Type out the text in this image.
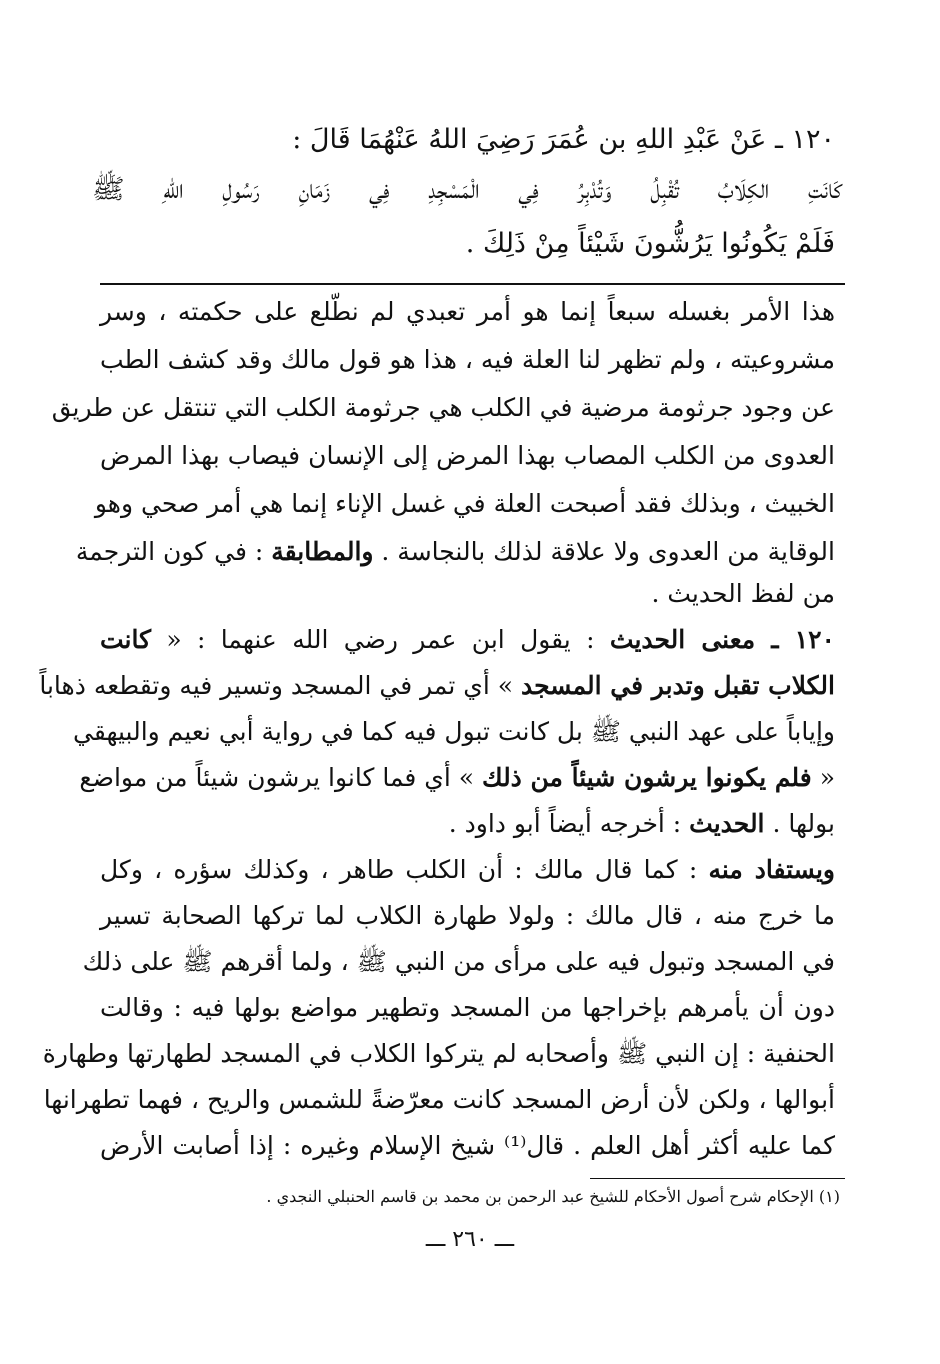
١٢٠ ـ عَنْ عَبْدِ اللهِ بن عُمَرَ رَضِيَ اللهُ عَنْهُمَا قَالَ :
كَانَتِ الكِلَابُ تُقْبِلُ وَتُدْبِرُ فِي الْمَسْجِدِ فِي زَمَانِ رَسُولِ اللهِ ﷺ
فَلَمْ يَكُونُوا يَرُشُّونَ شَيْئاً مِنْ ذَلِكَ .
هذا الأمر بغسله سبعاً إنما هو أمر تعبدي لم نطّلع على حكمته ، وسر
مشروعيته ، ولم تظهر لنا العلة فيه ، هذا هو قول مالك وقد كشف الطب
عن وجود جرثومة مرضية في الكلب هي جرثومة الكلب التي تنتقل عن طريق
العدوى من الكلب المصاب بهذا المرض إلى الإنسان فيصاب بهذا المرض
الخبيث ، وبذلك فقد أصبحت العلة في غسل الإناء إنما هي أمر صحي وهو
الوقاية من العدوى ولا علاقة لذلك بالنجاسة . والمطابقة : في كون الترجمة
من لفظ الحديث .
١٢٠ ـ معنى الحديث : يقول ابن عمر رضي الله عنهما : « كانت
الكلاب تقبل وتدبر في المسجد » أي تمر في المسجد وتسير فيه وتقطعه ذهاباً
وإياباً على عهد النبي ﷺ بل كانت تبول فيه كما في رواية أبي نعيم والبيهقي
« فلم يكونوا يرشون شيئاً من ذلك » أي فما كانوا يرشون شيئاً من مواضع
بولها . الحديث : أخرجه أيضاً أبو داود .
ويستفاد منه : كما قال مالك : أن الكلب طاهر ، وكذلك سؤره ، وكل
ما خرج منه ، قال مالك : ولولا طهارة الكلاب لما تركها الصحابة تسير
في المسجد وتبول فيه على مرأى من النبي ﷺ ، ولما أقرهم ﷺ على ذلك
دون أن يأمرهم بإخراجها من المسجد وتطهير مواضع بولها فيه : وقالت
الحنفية : إن النبي ﷺ وأصحابه لم يتركوا الكلاب في المسجد لطهارتها وطهارة
أبوالها ، ولكن لأن أرض المسجد كانت معرّضةً للشمس والريح ، فهما تطهرانها
كما عليه أكثر أهل العلم . قال⁽¹⁾ شيخ الإسلام وغيره : إذا أصابت الأرض
(١) الإحكام شرح أصول الأحكام للشيخ عبد الرحمن بن محمد بن قاسم الحنبلي النجدي .
ـــ ٢٦٠ ـــ
